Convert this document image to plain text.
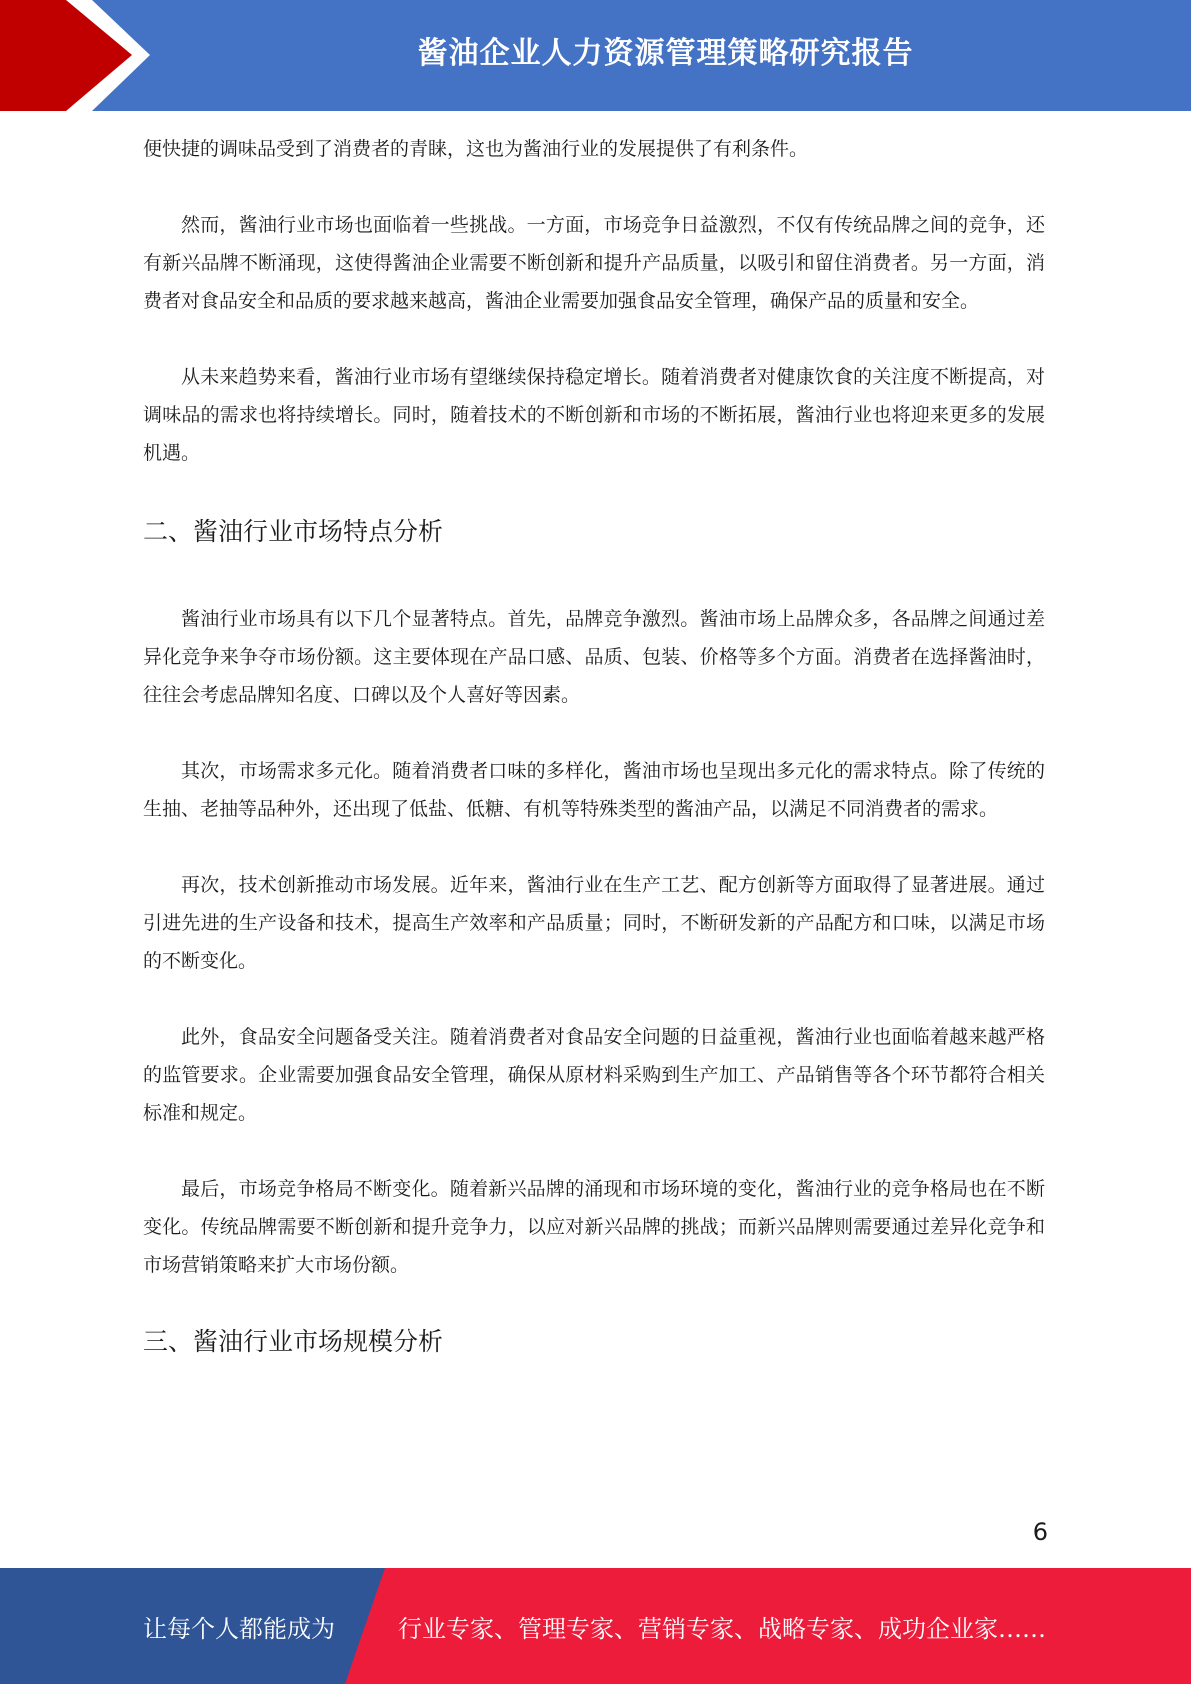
酱油企业人力资源管理策略研究报告

便快捷的调味品受到了消费者的青睐，这也为酱油行业的发展提供了有利条件。

然而，酱油行业市场也面临着一些挑战。一方面，市场竞争日益激烈，不仅有传统品牌之间的竞争，还有新兴品牌不断涌现，这使得酱油企业需要不断创新和提升产品质量，以吸引和留住消费者。另一方面，消费者对食品安全和品质的要求越来越高，酱油企业需要加强食品安全管理，确保产品的质量和安全。

从未来趋势来看，酱油行业市场有望继续保持稳定增长。随着消费者对健康饮食的关注度不断提高，对调味品的需求也将持续增长。同时，随着技术的不断创新和市场的不断拓展，酱油行业也将迎来更多的发展机遇。

二、酱油行业市场特点分析

酱油行业市场具有以下几个显著特点。首先，品牌竞争激烈。酱油市场上品牌众多，各品牌之间通过差异化竞争来争夺市场份额。这主要体现在产品口感、品质、包装、价格等多个方面。消费者在选择酱油时，往往会考虑品牌知名度、口碑以及个人喜好等因素。

其次，市场需求多元化。随着消费者口味的多样化，酱油市场也呈现出多元化的需求特点。除了传统的生抽、老抽等品种外，还出现了低盐、低糖、有机等特殊类型的酱油产品，以满足不同消费者的需求。

再次，技术创新推动市场发展。近年来，酱油行业在生产工艺、配方创新等方面取得了显著进展。通过引进先进的生产设备和技术，提高生产效率和产品质量；同时，不断研发新的产品配方和口味，以满足市场的不断变化。

此外，食品安全问题备受关注。随着消费者对食品安全问题的日益重视，酱油行业也面临着越来越严格的监管要求。企业需要加强食品安全管理，确保从原材料采购到生产加工、产品销售等各个环节都符合相关标准和规定。

最后，市场竞争格局不断变化。随着新兴品牌的涌现和市场环境的变化，酱油行业的竞争格局也在不断变化。传统品牌需要不断创新和提升竞争力，以应对新兴品牌的挑战；而新兴品牌则需要通过差异化竞争和市场营销策略来扩大市场份额。

三、酱油行业市场规模分析
6
让每个人都能成为	行业专家、管理专家、营销专家、战略专家、成功企业家……
